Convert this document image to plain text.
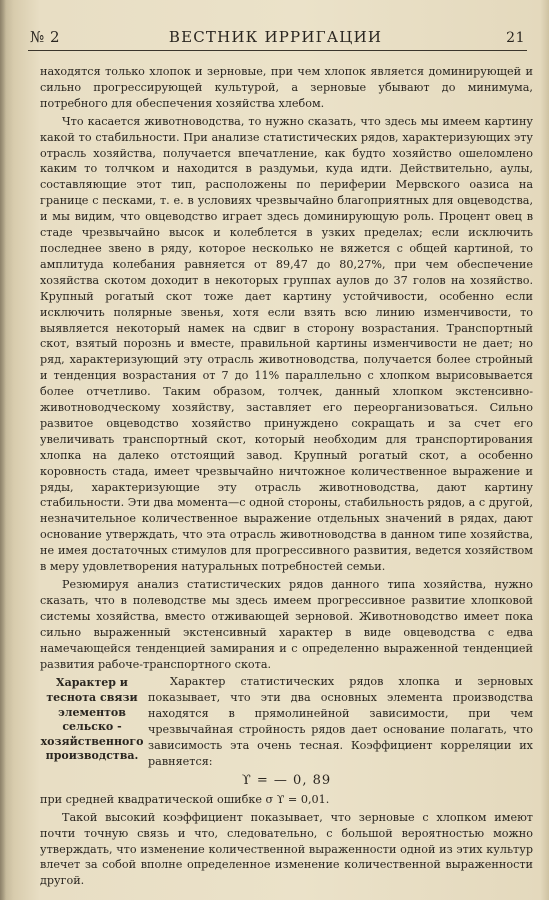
№ 2	ВЕСТНИК ИРРИГАЦИИ	21

находятся только хлопок и зерновые, при чем хлопок является доминирующей и сильно прогрессирующей культурой, а зерновые убывают до минимума, потребного для обеспечения хозяйства хлебом.

Что касается животноводства, то нужно сказать, что здесь мы имеем картину какой то стабильности. При анализе статистических рядов, характеризующих эту отрасль хозяйства, получается впечатление, как будто хозяйство ошеломлено каким то толчком и находится в раздумьи, куда идти. Действительно, аулы, составляющие этот тип, расположены по периферии Мервского оазиса на границе с песками, т. е. в условиях чрезвычайно благоприятных для овцеводства, и мы видим, что овцеводство играет здесь доминирующую роль. Процент овец в стаде чрезвычайно высок и колеблется в узких пределах; если исключить последнее звено в ряду, которое несколько не вяжется с общей картиной, то амплитуда колебания равняется от 89,47 до 80,27%, при чем обеспечение хозяйства скотом доходит в некоторых группах аулов до 37 голов на хозяйство. Крупный рогатый скот тоже дает картину устойчивости, особенно если исключить полярные звенья, хотя если взять всю линию изменчивости, то выявляется некоторый намек на сдвиг в сторону возрастания. Транспортный скот, взятый порознь и вместе, правильной картины изменчивости не дает; но ряд, характеризующий эту отрасль животноводства, получается более стройный и тенденция возрастания от 7 до 11% параллельно с хлопком вырисовывается более отчетливо. Таким образом, толчек, данный хлопком экстенсивно-животноводческому хозяйству, заставляет его переорганизоваться. Сильно развитое овцеводство хозяйство принуждено сокращать и за счет его увеличивать транспортный скот, который необходим для транспортирования хлопка на далеко отстоящий завод. Крупный рогатый скот, а особенно коровность стада, имеет чрезвычайно ничтожное количественное выражение и ряды, характеризующие эту отрасль животноводства, дают картину стабильности. Эти два момента—с одной стороны, стабильность рядов, а с другой, незначительное количественное выражение отдельных значений в рядах, дают основание утверждать, что эта отрасль животноводства в данном типе хозяйства, не имея достаточных стимулов для прогрессивного развития, ведется хозяйством в меру удовлетворения натуральных потребностей семьи.

Резюмируя анализ статистических рядов данного типа хозяйства, нужно сказать, что в полеводстве мы здесь имеем прогрессивное развитие хлопковой системы хозяйства, вместо отживающей зерновой. Животноводство имеет пока сильно выраженный экстенсивный характер в виде овцеводства с едва намечающейся тенденцией замирания и с определенно выраженной тенденцией развития рабоче-транспортного скота.

Характер и теснота связи элементов сельско - хозяйственного производства.
Характер статистических рядов хлопка и зерновых показывает, что эти два основных элемента производства находятся в прямолинейной зависимости, при чем чрезвычайная стройность рядов дает основание полагать, что зависимость эта очень тесная. Коэффициент корреляции их равняется:
ϒ = — 0, 89

при средней квадратической ошибке σ ϒ = 0,01.

Такой высокий коэффициент показывает, что зерновые с хлопком имеют почти точную связь и что, следовательно, с большой вероятностью можно утверждать, что изменение количественной выраженности одной из этих культур влечет за собой вполне определенное изменение количественной выраженности другой.
